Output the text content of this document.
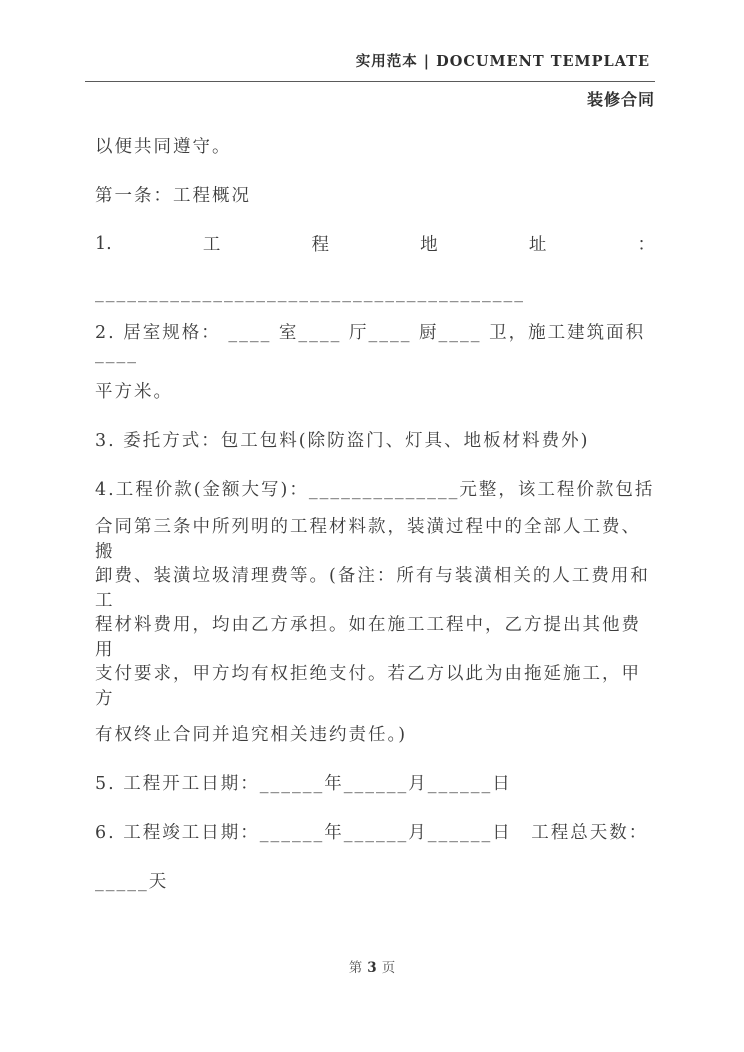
实用范本 | DOCUMENT TEMPLATE
装修合同
以便共同遵守。
第一条：工程概况
1.	工	程	地	址	：
________________________________________
2. 居室规格： ____ 室____ 厅____ 厨____ 卫，施工建筑面积____
平方米。
3. 委托方式：包工包料(除防盗门、灯具、地板材料费外)
4.工程价款(金额大写)：______________元整，该工程价款包括
合同第三条中所列明的工程材料款，装潢过程中的全部人工费、搬
卸费、装潢垃圾清理费等。(备注：所有与装潢相关的人工费用和工
程材料费用，均由乙方承担。如在施工工程中，乙方提出其他费用
支付要求，甲方均有权拒绝支付。若乙方以此为由拖延施工，甲方
有权终止合同并追究相关违约责任。)
5. 工程开工日期：______年______月______日
6. 工程竣工日期：______年______月______日　工程总天数：
_____天
第 3 页
